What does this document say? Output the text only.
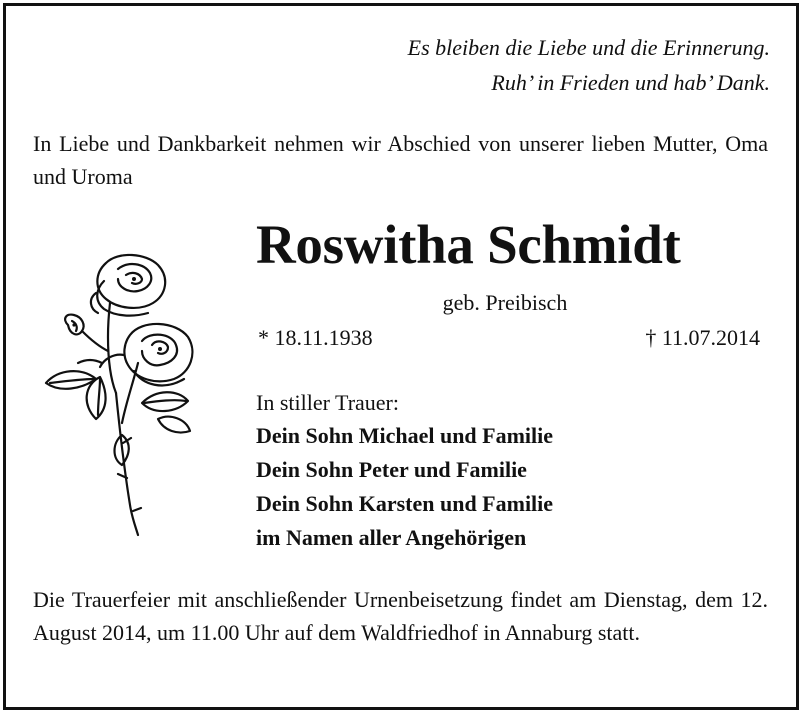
Es bleiben die Liebe und die Erinnerung.
Ruh’ in Frieden und hab’ Dank.
In Liebe und Dankbarkeit nehmen wir Abschied von unserer lieben Mutter, Oma und Uroma
Roswitha Schmidt
geb. Preibisch
* 18.11.1938	† 11.07.2014
In stiller Trauer:
Dein Sohn Michael und Familie
Dein Sohn Peter und Familie
Dein Sohn Karsten und Familie
im Namen aller Angehörigen
Die Trauerfeier mit anschließender Urnenbeisetzung findet am Dienstag, dem 12. August 2014, um 11.00 Uhr auf dem Waldfriedhof in Annaburg statt.
